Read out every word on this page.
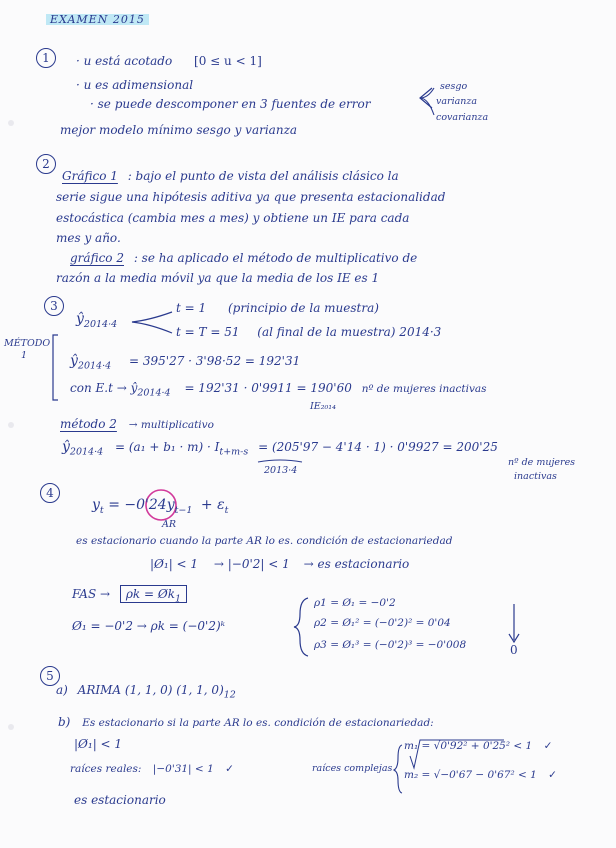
EXAMEN 2015
1	· u está acotado [0 ≤ u < 1]
· u es adimensional
· se puede descomponer en 3 fuentes de error
sesgo
varianza
covarianza
mejor modelo mínimo sesgo y varianza
2
Gráfico 1 : bajo el punto de vista del análisis clásico la
serie sigue una hipótesis aditiva ya que presenta estacionalidad
estocástica (cambia mes a mes) y obtiene un IE para cada
mes y año.
gráfico 2 : se ha aplicado el método de multiplicativo de
razón a la media móvil ya que la media de los IE es 1
3
$ŷ_{2014\cdot 4}$
t = 1 (principio de la muestra)
t = T = 51 (al final de la muestra) 2014·3
MÉTODO 1	$ŷ_{2014\cdot 4} = 395'27 \cdot 3'98\cdot 52 = 192'31$
con $E.t \to ŷ_{2014\cdot 4} = 192'31 \cdot 0'9911 = 190'60$ nº de mujeres inactivas
IE₂₀₁₄
método 2 → multiplicativo
$ŷ_{2014\cdot 4} = (a_1 + b_1 \cdot m) \cdot I_{t+m-s} = (205'97 - 4'14 \cdot 1) \cdot 0'9927 = 200'25$
2013·4
nº de mujeres
inactivas
4
$y_t = -0'24y_{t-1} + \varepsilon_t$
AR
es estacionario cuando la parte AR lo es. condición de estacionariedad
|Ø₁| < 1 → |−0'2| < 1 → es estacionario
FAS → $\rho k = Øk_1$
Ø₁ = −0'2 → ρk = (−0'2)ᵏ
ρ1 = Ø₁ = −0'2
ρ2 = Ø₁² = (−0'2)² = 0'04
ρ3 = Ø₁³ = (−0'2)³ = −0'008	0
5
a) ARIMA (1, 1, 0) (1, 1, $0)_{12}$
b) Es estacionario si la parte AR lo es. condición de estacionariedad:
|Ø₁| < 1
raíces reales: |−0'31| < 1 ✓	raíces complejas
m₁ = √0'92² + 0'25² < 1 ✓
m₂ = √−0'67 − 0'67² < 1 ✓
es estacionario
